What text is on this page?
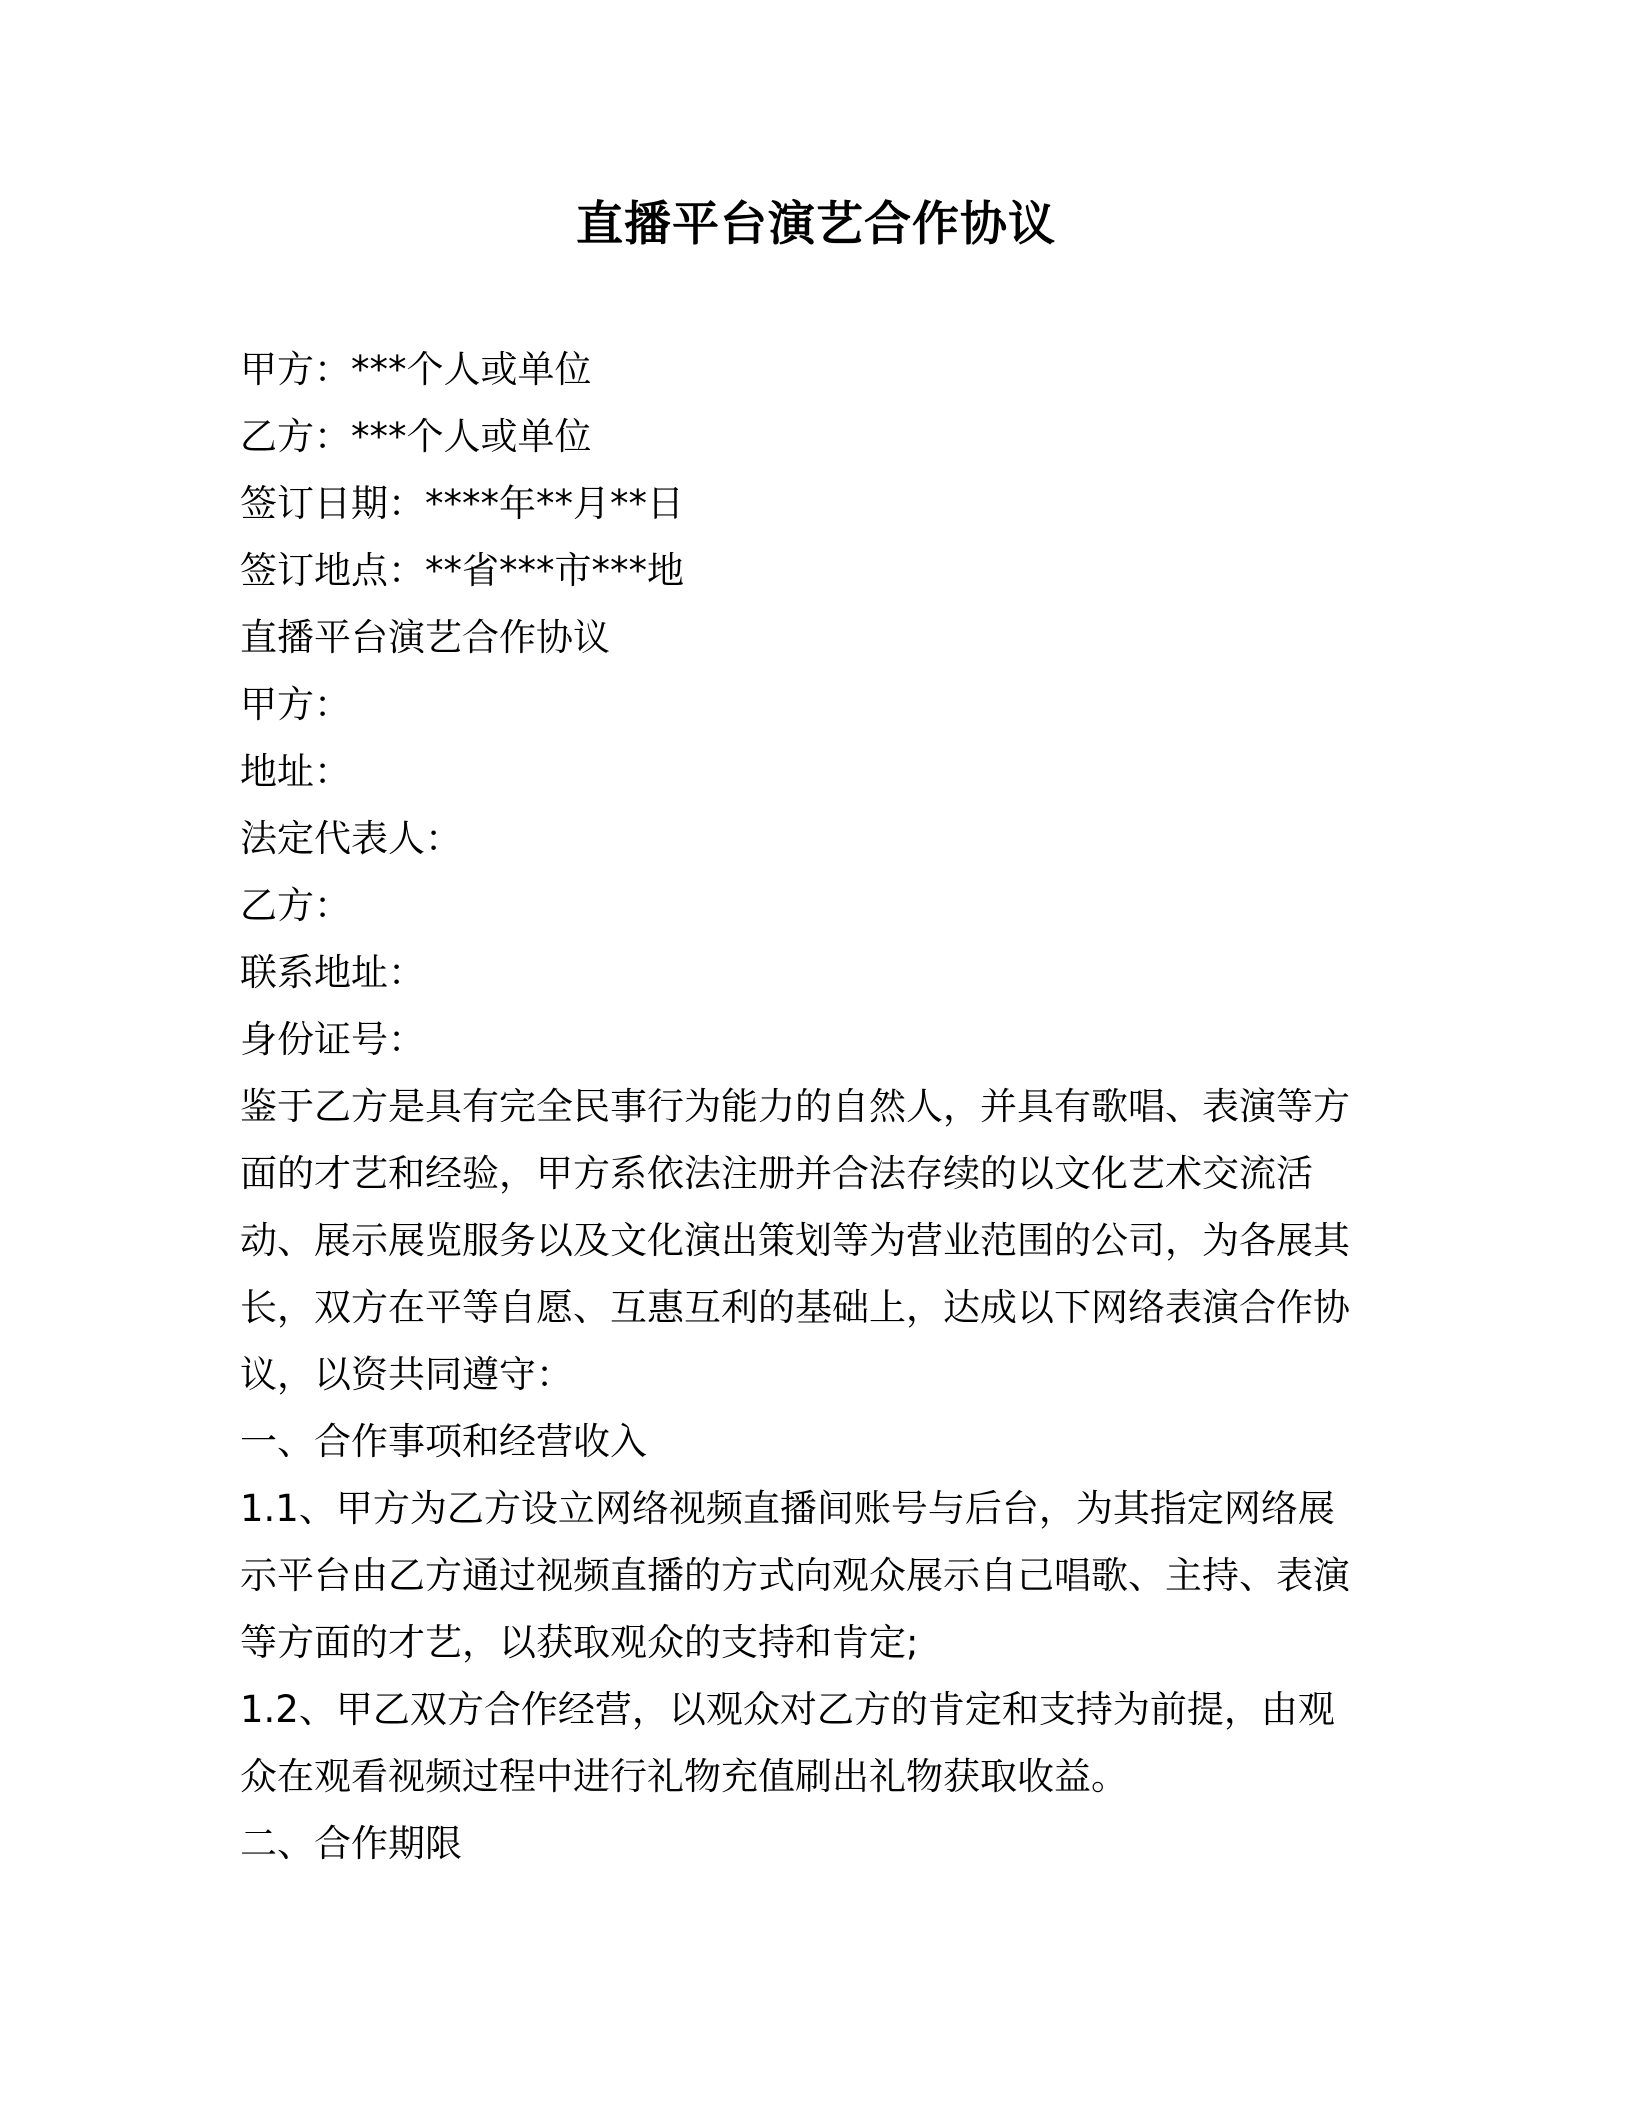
直播平台演艺合作协议
甲方：***个人或单位
乙方：***个人或单位
签订日期：****年**月**日
签订地点：**省***市***地
直播平台演艺合作协议
甲方：
地址：
法定代表人：
乙方：
联系地址：
身份证号：
鉴于乙方是具有完全民事行为能力的自然人，并具有歌唱、表演等方面的才艺和经验，甲方系依法注册并合法存续的以文化艺术交流活动、展示展览服务以及文化演出策划等为营业范围的公司，为各展其长，双方在平等自愿、互惠互利的基础上，达成以下网络表演合作协议，以资共同遵守：
一、合作事项和经营收入
1.1、甲方为乙方设立网络视频直播间账号与后台，为其指定网络展示平台由乙方通过视频直播的方式向观众展示自己唱歌、主持、表演等方面的才艺，以获取观众的支持和肯定;
1.2、甲乙双方合作经营，以观众对乙方的肯定和支持为前提，由观众在观看视频过程中进行礼物充值刷出礼物获取收益。
二、合作期限
